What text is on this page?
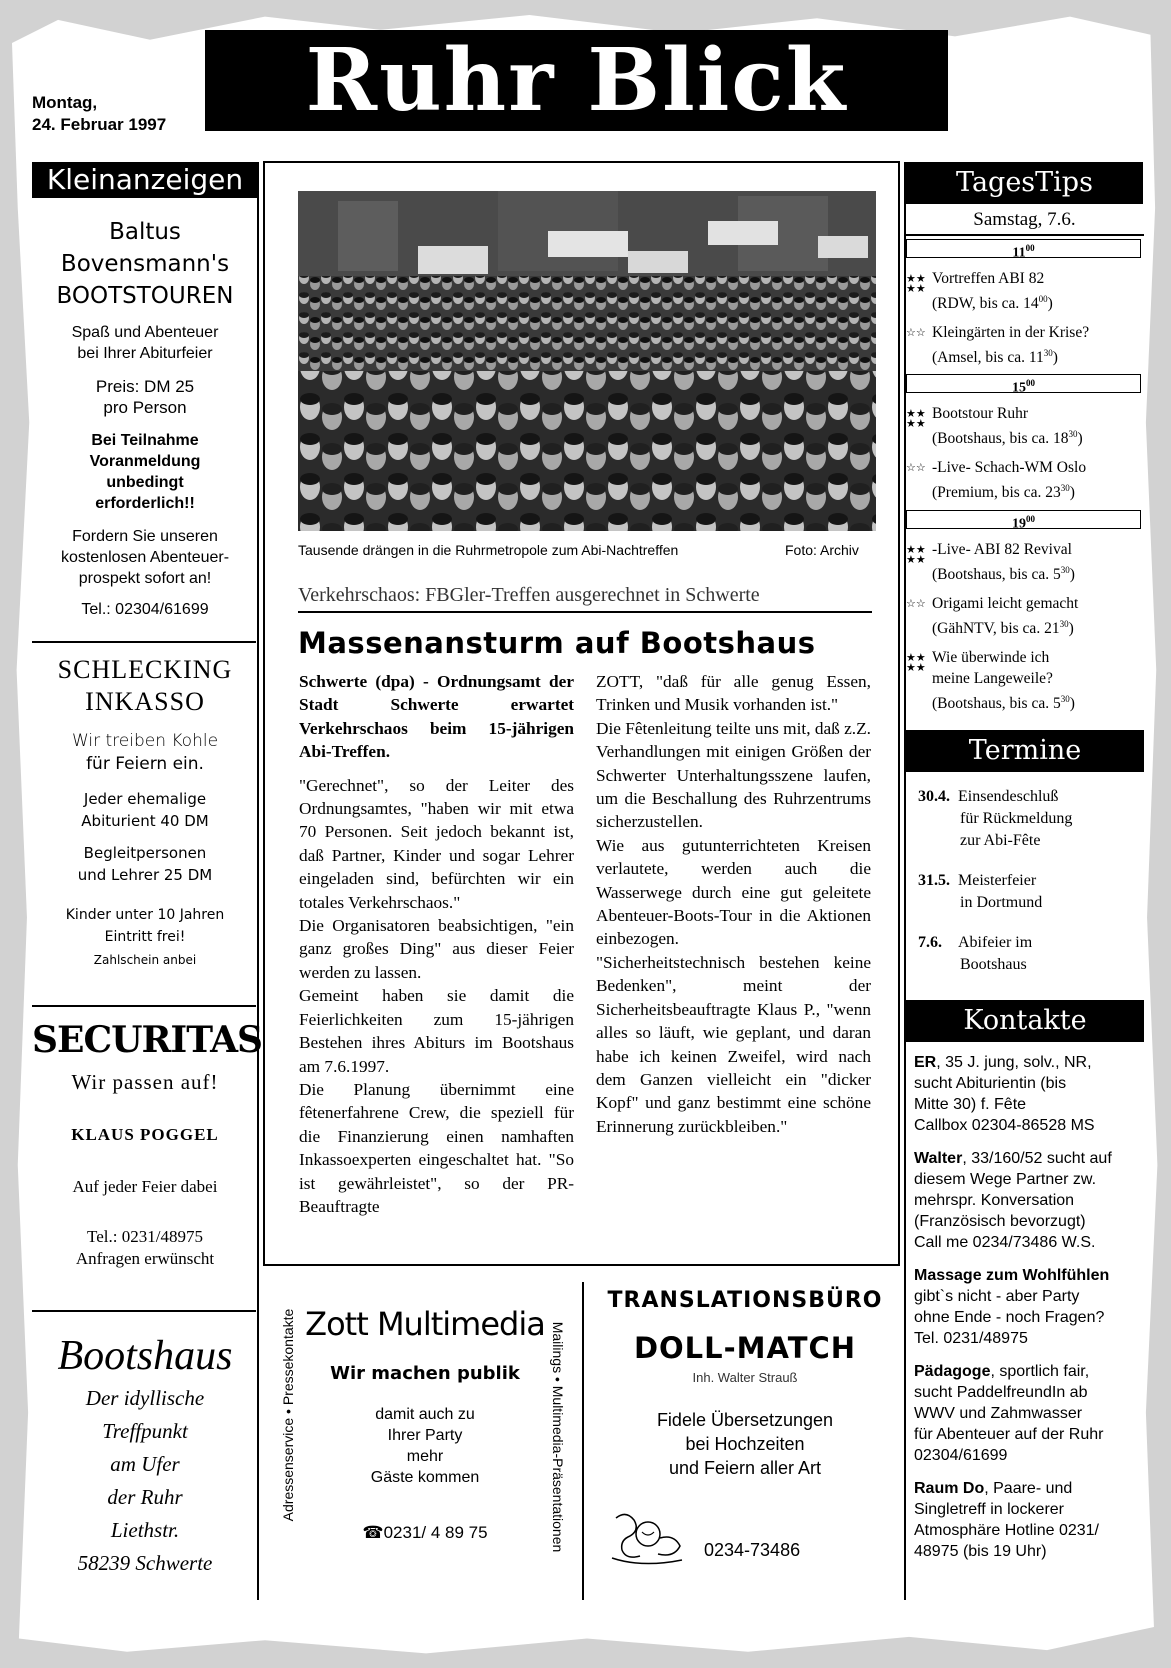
Ruhr Blick
Montag,
24. Februar 1997
Kleinanzeigen
Baltus
Bovensmann's
BOOTSTOUREN
Spaß und Abenteuer
bei Ihrer Abiturfeier
Preis: DM 25
pro Person
Bei Teilnahme
Voranmeldung
unbedingt
erforderlich!!
Fordern Sie unseren
kostenlosen Abenteuer-
prospekt sofort an!
Tel.: 02304/61699
SCHLECKING
INKASSO
Wir treiben Kohle
für Feiern ein.
Jeder ehemalige
Abiturient 40 DM
Begleitpersonen
und Lehrer 25 DM
Kinder unter 10 Jahren
Eintritt frei!
Zahlschein anbei
SECURITAS
Wir passen auf!
KLAUS POGGEL
Auf jeder Feier dabei
Tel.: 0231/48975
Anfragen erwünscht
Bootshaus
Der idyllische
Treffpunkt
am Ufer
der Ruhr
Liethstr.
58239 Schwerte
Tausende drängen in die Ruhrmetropole zum Abi-Nachtreffen	Foto: Archiv
Verkehrschaos: FBGler-Treffen ausgerechnet in Schwerte
Massenansturm auf Bootshaus

Schwerte (dpa) - Ordnungsamt der Stadt Schwerte erwartet Verkehrschaos beim 15-jährigen Abi-Treffen.

"Gerechnet", so der Leiter des Ordnungsamtes, "haben wir mit etwa 70 Personen. Seit jedoch bekannt ist, daß Partner, Kinder und sogar Lehrer eingeladen sind, befürchten wir ein totales Verkehrschaos."

Die Organisatoren beabsichtigen, "ein ganz großes Ding" aus dieser Feier werden zu lassen.

Gemeint haben sie damit die Feierlichkeiten zum 15-jährigen Bestehen ihres Abiturs im Bootshaus am 7.6.1997.

Die Planung übernimmt eine fêtenerfahrene Crew, die speziell für die Finanzierung einen namhaften Inkassoexperten eingeschaltet hat. "So ist gewährleistet", so der PR-Beauftragte

ZOTT, "daß für alle genug Essen, Trinken und Musik vorhanden ist."

Die Fêtenleitung teilte uns mit, daß z.Z. Verhandlungen mit einigen Größen der Schwerter Unterhaltungsszene laufen, um die Beschallung des Ruhrzentrums sicherzustellen.

Wie aus gutunterrichteten Kreisen verlautete, werden auch die Wasserwege durch eine gut geleitete Abenteuer-Boots-Tour in die Aktionen einbezogen.

"Sicherheitstechnisch bestehen keine Bedenken", meint der Sicherheitsbeauftragte Klaus P., "wenn alles so läuft, wie geplant, und daran habe ich keinen Zweifel, wird nach dem Ganzen vielleicht ein "dicker Kopf" und ganz bestimmt eine schöne Erinnerung zurückbleiben."

Adressenservice • Pressekontakte	Mailings • Multimedia-Präsentationen
Zott Multimedia
Wir machen publik
damit auch zu
Ihrer Party
mehr
Gäste kommen
☎0231/ 4 89 75
TRANSLATIONSBÜRO
DOLL-MATCH
Inh. Walter Strauß
Fidele Übersetzungen
bei Hochzeiten
und Feiern aller Art
0234-73486
TagesTips
Samstag, 7.6.
$11^{00}$
★★
★★
Vortreffen ABI 82
(RDW, bis ca. $14^{00}$)
☆☆ Kleingärten in der Krise?
(Amsel, bis ca. $11^{30}$)
$15^{00}$
★★
★★
Bootstour Ruhr
(Bootshaus, bis ca. $18^{30}$)
☆☆ -Live- Schach-WM Oslo
(Premium, bis ca. $23^{30}$)
$19^{00}$
★★
★★
-Live- ABI 82 Revival
(Bootshaus, bis ca. $5^{30}$)
☆☆ Origami leicht gemacht
(GähNTV, bis ca. $21^{30}$)
★★
★★
Wie überwinde ich
meine Langeweile?
(Bootshaus, bis ca. $5^{30}$)
Termine
30.4. Einsendeschluß
für Rückmeldung
zur Abi-Fête
31.5. Meisterfeier
in Dortmund
7.6.	Abifeier im
Bootshaus
Kontakte
ER, 35 J. jung, solv., NR,
sucht Abiturientin (bis
Mitte 30) f. Fête
Callbox 02304-86528 MS
Walter, 33/160/52 sucht auf
diesem Wege Partner zw.
mehrspr. Konversation
(Französisch bevorzugt)
Call me 0234/73486 W.S.
Massage zum Wohlfühlen
gibt`s nicht - aber Party
ohne Ende - noch Fragen?
Tel. 0231/48975
Pädagoge, sportlich fair,
sucht PaddelfreundIn ab
WWV und Zahmwasser
für Abenteuer auf der Ruhr
02304/61699
Raum Do, Paare- und
Singletreff in lockerer
Atmosphäre Hotline 0231/
48975 (bis 19 Uhr)
